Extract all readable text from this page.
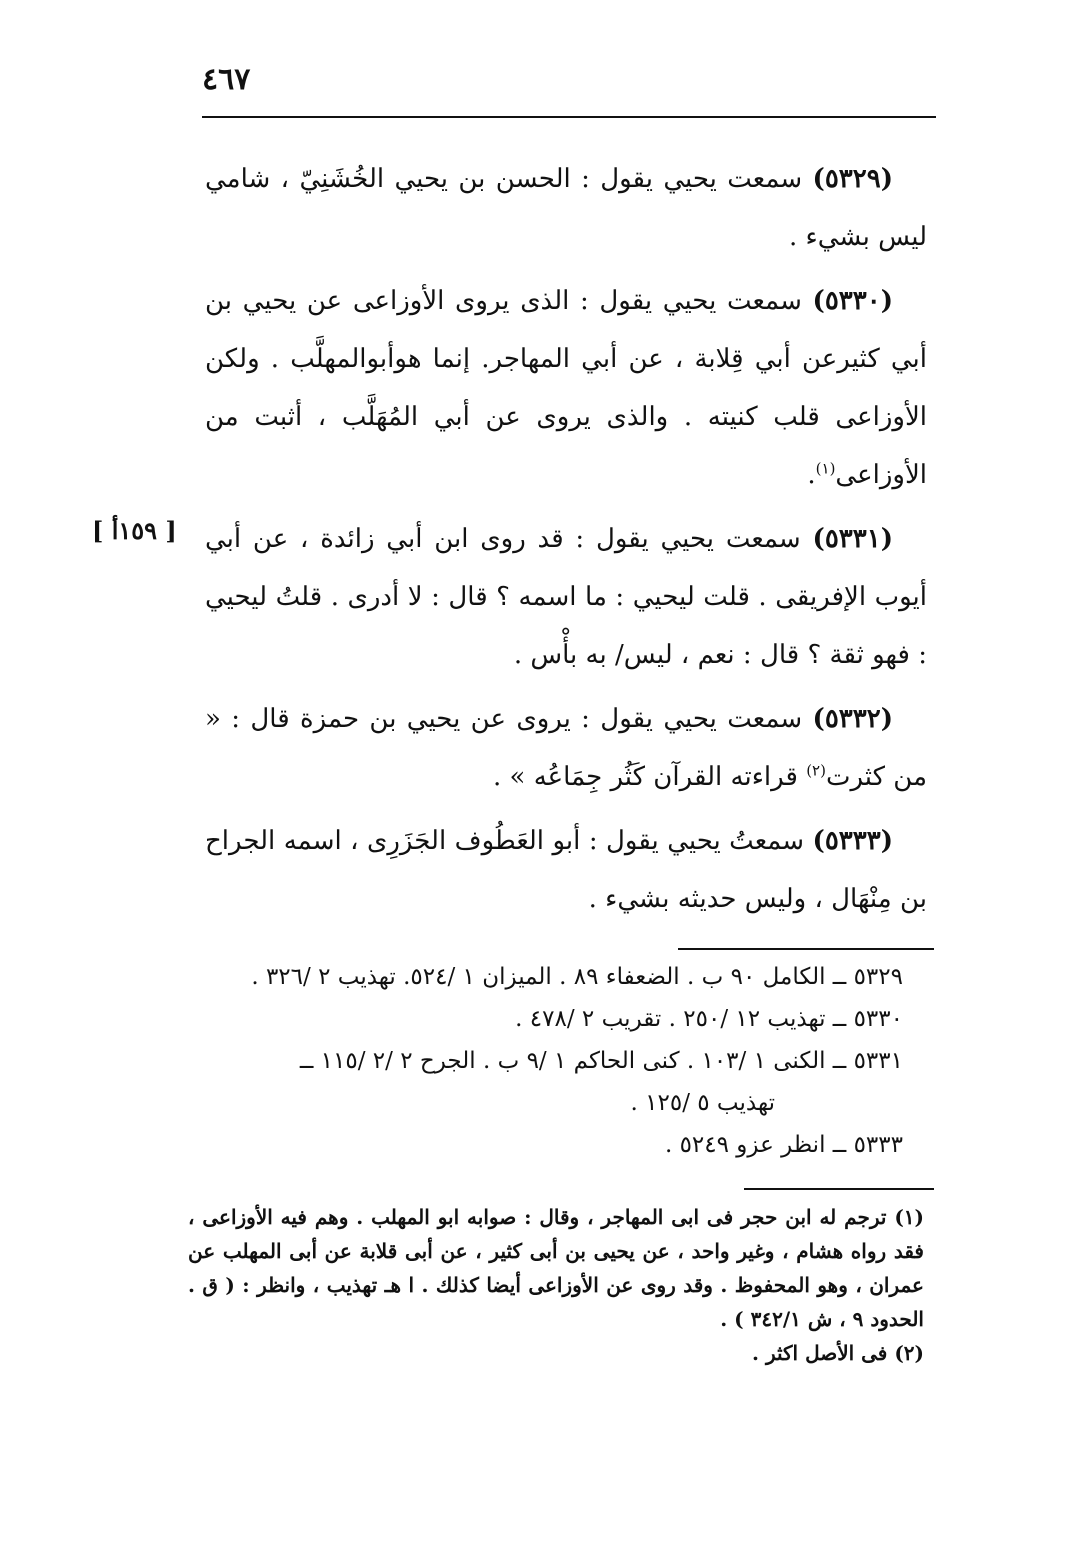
٤٦٧
[ ١٥٩أ ]

(٥٣٢٩) سمعت يحيي يقول : الحسن بن يحيي الخُشَنِيّ ، شامي ليس بشيء .

(٥٣٣٠) سمعت يحيي يقول : الذى يروى الأوزاعى عن يحيي بن أبي كثيرعن أبي قِلابة ، عن أبي المهاجر. إنما هوأبوالمهلَّب . ولكن الأوزاعى قلب كنيته . والذى يروى عن أبي المُهَلَّب ، أثبت من الأوزاعى$^{(١)}$.

(٥٣٣١) سمعت يحيي يقول : قد روى ابن أبي زائدة ، عن أبي أيوب الإفريقى . قلت ليحيي : ما اسمه ؟ قال : لا أدرى . قلتُ ليحيي : فهو ثقة ؟ قال : نعم ، ليس/ به بأْس .

(٥٣٣٢) سمعت يحيي يقول : يروى عن يحيي بن حمزة قال : « من كثرت$^{(٢)}$ قراءته القرآن كَثُر جِمَاعُه » .

(٥٣٣٣) سمعتُ يحيي يقول : أبو العَطُوف الجَزَرِى ، اسمه الجراح بن مِنْهَال ، وليس حديثه بشيء .

٥٣٢٩ ــ الكامل ٩٠ ب . الضعفاء ٨٩ . الميزان ١ /٥٢٤. تهذيب ٢ /٣٢٦ .
٥٣٣٠ ــ تهذيب ١٢ /٢٥٠ . تقريب ٢ /٤٧٨ .
٥٣٣١ ــ الكنى ١ /١٠٣ . كنى الحاكم ١ /٩ ب . الجرح ٢ /٢ /١١٥ ــ
تهذيب ٥ /١٢٥ .
٥٣٣٣ ــ انظر عزو ٥٢٤٩ .

(١) ترجم له ابن حجر فى ابى المهاجر ، وقال : صوابه ابو المهلب . وهم فيه الأوزاعى ، فقد رواه هشام ، وغير واحد ، عن يحيى بن أبى كثير ، عن أبى قلابة عن أبى المهلب عن عمران ، وهو المحفوظ . وقد روى عن الأوزاعى أيضا كذلك . ا هـ تهذيب ، وانظر : ( ق . الحدود ٩ ، ش ٣٤٢/١ ) .

(٢) فى الأصل اكثر .
